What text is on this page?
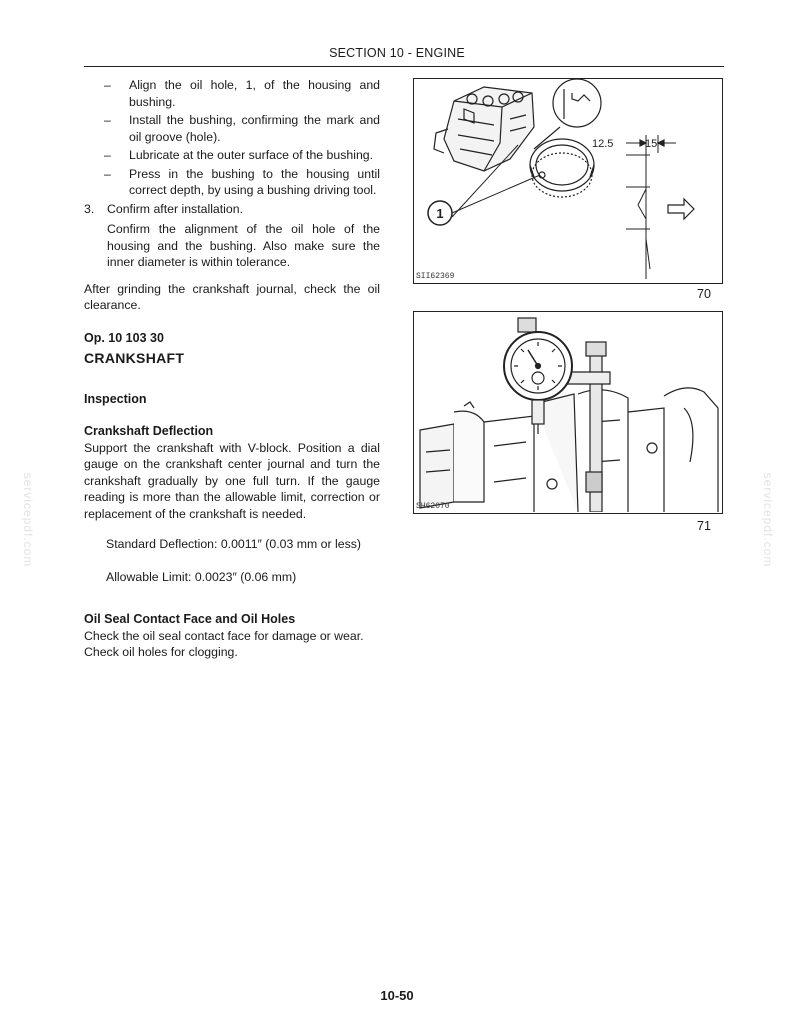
SECTION 10 - ENGINE
servicepdf.com	servicepdf.com
–	Align the oil hole, 1, of the housing and bushing.
–	Install the bushing, confirming the mark and oil groove (hole).
–	Lubricate at the outer surface of the bushing.
–	Press in the bushing to the housing until correct depth, by using a bushing driving tool.
3.	Confirm after installation.
Confirm the alignment of the oil hole of the housing and the bushing. Also make sure the inner diameter is within tolerance.
After grinding the crankshaft journal, check the oil clearance.
Op. 10 103 30
CRANKSHAFT
Inspection
Crankshaft Deflection
Support the crankshaft with V-block. Position a dial gauge on the crankshaft center journal and turn the crankshaft gradually by one full turn. If the gauge reading is more than the allowable limit, correction or replacement of the crankshaft is needed.
Standard Deflection: 0.0011″ (0.03 mm or less)
Allowable Limit: 0.0023″ (0.06 mm)
Oil Seal Contact Face and Oil Holes
Check the oil seal contact face for damage or wear. Check oil holes for clogging.
1
12.5	15
SII62369
70
SH62070
71
10-50
